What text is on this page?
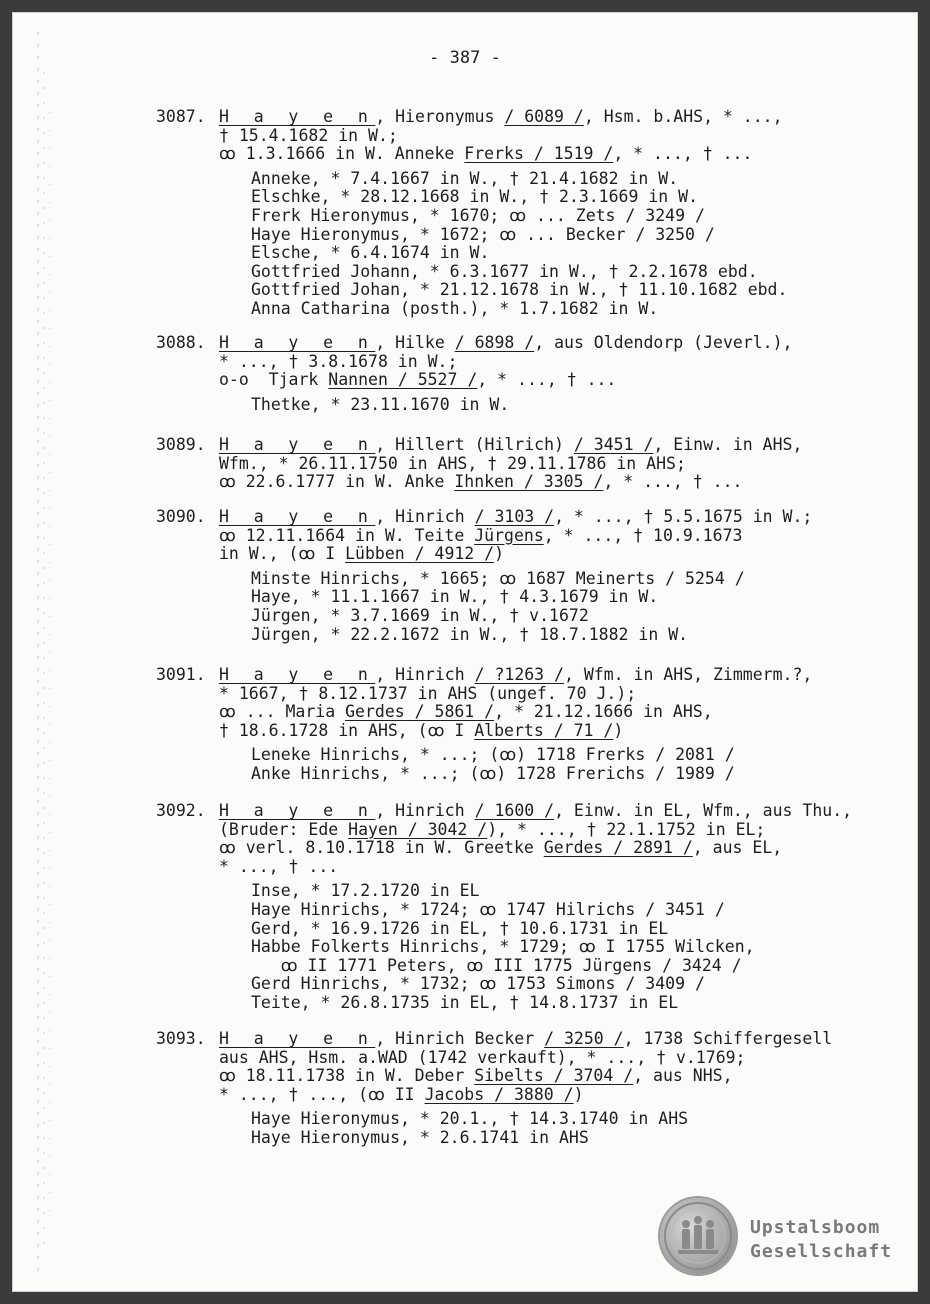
- 387 -
3087. H a y e n, Hieronymus / 6089 /, Hsm. b.AHS, * ...,
† 15.4.1682 in W.;
ꝏ 1.3.1666 in W. Anneke Frerks / 1519 /, * ..., † ...
Anneke, * 7.4.1667 in W., † 21.4.1682 in W.
Elschke, * 28.12.1668 in W., † 2.3.1669 in W.
Frerk Hieronymus, * 1670; ꝏ ... Zets / 3249 /
Haye Hieronymus, * 1672; ꝏ ... Becker / 3250 /
Elsche, * 6.4.1674 in W.
Gottfried Johann, * 6.3.1677 in W., † 2.2.1678 ebd.
Gottfried Johan, * 21.12.1678 in W., † 11.10.1682 ebd.
Anna Catharina (posth.), * 1.7.1682 in W.
3088. H a y e n, Hilke / 6898 /, aus Oldendorp (Jeverl.),
* ..., † 3.8.1678 in W.;
o-o  Tjark Nannen / 5527 /, * ..., † ...
Thetke, * 23.11.1670 in W.
3089. H a y e n, Hillert (Hilrich) / 3451 /, Einw. in AHS,
Wfm., * 26.11.1750 in AHS, † 29.11.1786 in AHS;
ꝏ 22.6.1777 in W. Anke Ihnken / 3305 /, * ..., † ...
3090. H a y e n, Hinrich / 3103 /, * ..., † 5.5.1675 in W.;
ꝏ 12.11.1664 in W. Teite Jürgens, * ..., † 10.9.1673
in W., (ꝏ I Lübben / 4912 /)
Minste Hinrichs, * 1665; ꝏ 1687 Meinerts / 5254 /
Haye, * 11.1.1667 in W., † 4.3.1679 in W.
Jürgen, * 3.7.1669 in W., † v.1672
Jürgen, * 22.2.1672 in W., † 18.7.1882 in W.
3091. H a y e n, Hinrich / ?1263 /, Wfm. in AHS, Zimmerm.?,
* 1667, † 8.12.1737 in AHS (ungef. 70 J.);
ꝏ ... Maria Gerdes / 5861 /, * 21.12.1666 in AHS,
† 18.6.1728 in AHS, (ꝏ I Alberts / 71 /)
Leneke Hinrichs, * ...; (ꝏ) 1718 Frerks / 2081 /
Anke Hinrichs, * ...; (ꝏ) 1728 Frerichs / 1989 /
3092. H a y e n, Hinrich / 1600 /, Einw. in EL, Wfm., aus Thu.,
(Bruder: Ede Hayen / 3042 /), * ..., † 22.1.1752 in EL;
ꝏ verl. 8.10.1718 in W. Greetke Gerdes / 2891 /, aus EL,
* ..., † ...
Inse, * 17.2.1720 in EL
Haye Hinrichs, * 1724; ꝏ 1747 Hilrichs / 3451 /
Gerd, * 16.9.1726 in EL, † 10.6.1731 in EL
Habbe Folkerts Hinrichs, * 1729; ꝏ I 1755 Wilcken,
ꝏ II 1771 Peters, ꝏ III 1775 Jürgens / 3424 /
Gerd Hinrichs, * 1732; ꝏ 1753 Simons / 3409 /
Teite, * 26.8.1735 in EL, † 14.8.1737 in EL
3093. H a y e n, Hinrich Becker / 3250 /, 1738 Schiffergesell
aus AHS, Hsm. a.WAD (1742 verkauft), * ..., † v.1769;
ꝏ 18.11.1738 in W. Deber Sibelts / 3704 /, aus NHS,
* ..., † ..., (ꝏ II Jacobs / 3880 /)
Haye Hieronymus, * 20.1., † 14.3.1740 in AHS
Haye Hieronymus, * 2.6.1741 in AHS
Upstalsboom
Gesellschaft
